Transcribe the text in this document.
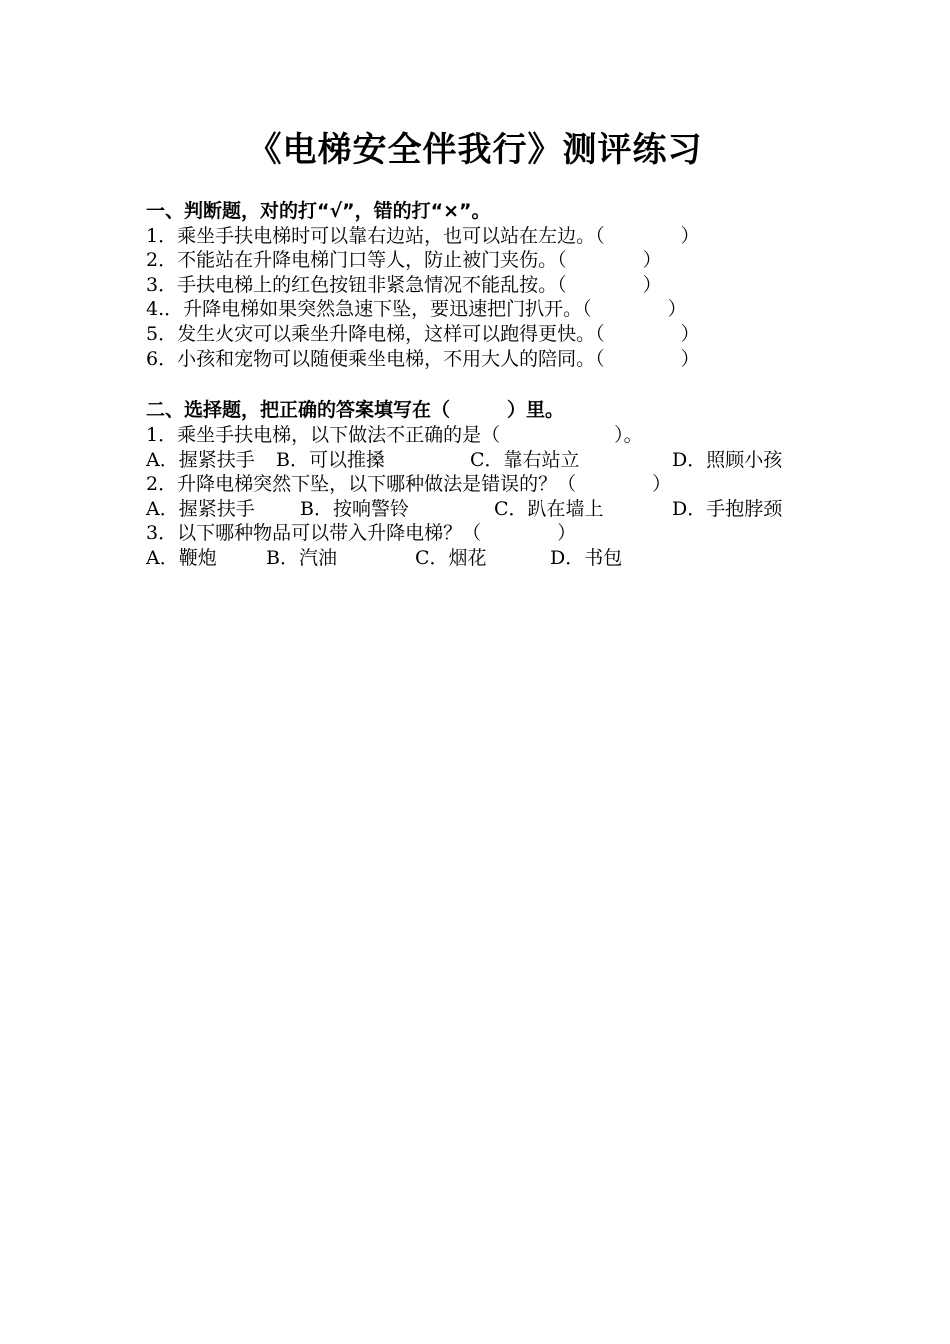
《电梯安全伴我行》测评练习
一、判断题，对的打“√”，错的打“×”。
1．乘坐手扶电梯时可以靠右边站，也可以站在左边。（　　　　）
2．不能站在升降电梯门口等人，防止被门夹伤。（　　　　）
3．手扶电梯上的红色按钮非紧急情况不能乱按。（　　　　）
4.．升降电梯如果突然急速下坠，要迅速把门扒开。（　　　　）
5．发生火灾可以乘坐升降电梯，这样可以跑得更快。（　　　　）
6．小孩和宠物可以随便乘坐电梯，不用大人的陪同。（　　　　）
二、选择题，把正确的答案填写在（　　　）里。
1．乘坐手扶电梯，以下做法不正确的是（　　　　　　）。
A．握紧扶手 B．可以推搡	C．靠右站立	D．照顾小孩
2．升降电梯突然下坠，以下哪种做法是错误的？（　　　　）
A．握紧扶手 B．按响警铃	C．趴在墙上	D．手抱脖颈
3．以下哪种物品可以带入升降电梯？（　　　　）
A．鞭炮	B．汽油	C．烟花	D．书包
